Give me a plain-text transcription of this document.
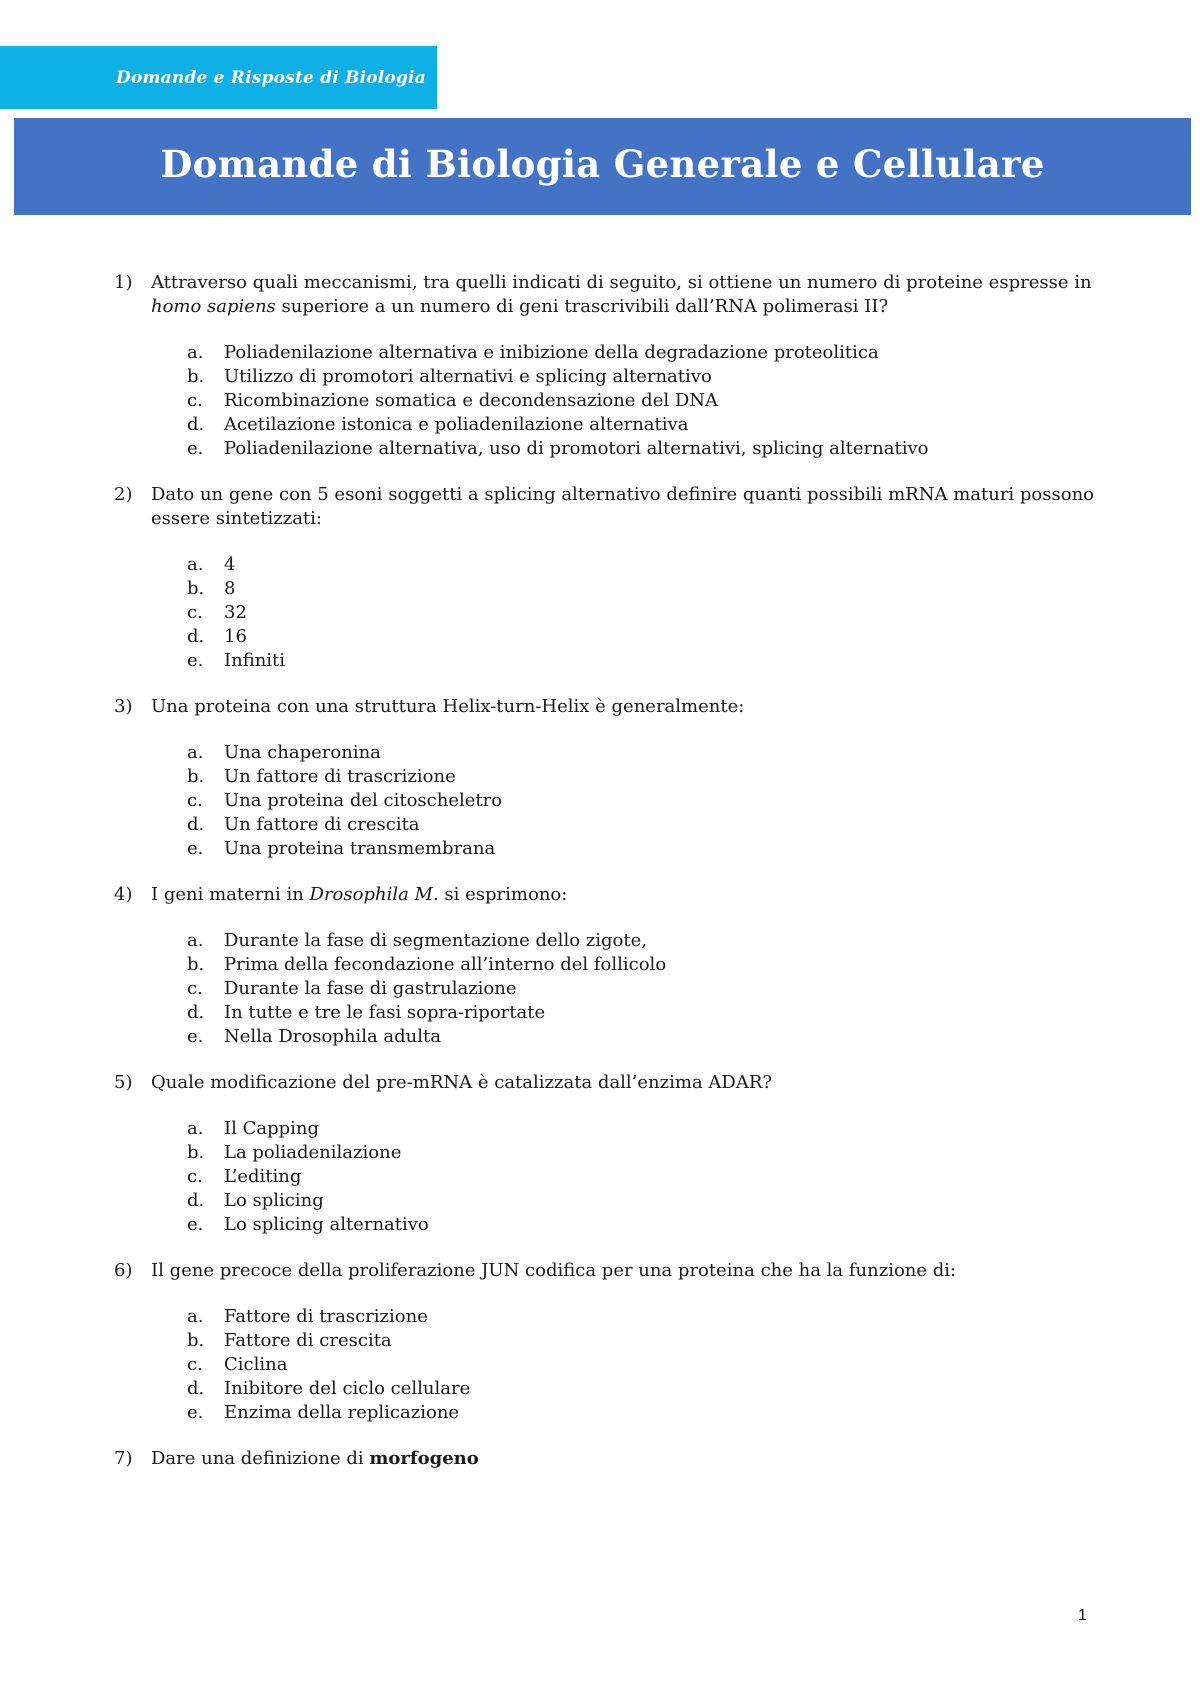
Domande e Risposte di Biologia
Domande di Biologia Generale e Cellulare
1) Attraverso quali meccanismi, tra quelli indicati di seguito, si ottiene un numero di proteine espresse in homo sapiens superiore a un numero di geni trascrivibili dall’RNA polimerasi II?
a. Poliadenilazione alternativa e inibizione della degradazione proteolitica
b. Utilizzo di promotori alternativi e splicing alternativo
c. Ricombinazione somatica e decondensazione del DNA
d. Acetilazione istonica e poliadenilazione alternativa
e. Poliadenilazione alternativa, uso di promotori alternativi, splicing alternativo
2) Dato un gene con 5 esoni soggetti a splicing alternativo definire quanti possibili mRNA maturi possono essere sintetizzati:
a. 4
b. 8
c. 32
d. 16
e. Infiniti
3) Una proteina con una struttura Helix-turn-Helix è generalmente:
a. Una chaperonina
b. Un fattore di trascrizione
c. Una proteina del citoscheletro
d. Un fattore di crescita
e. Una proteina transmembrana
4) I geni materni in Drosophila M. si esprimono:
a. Durante la fase di segmentazione dello zigote,
b. Prima della fecondazione all’interno del follicolo
c. Durante la fase di gastrulazione
d. In tutte e tre le fasi sopra-riportate
e. Nella Drosophila adulta
5) Quale modificazione del pre-mRNA è catalizzata dall’enzima ADAR?
a. Il Capping
b. La poliadenilazione
c. L’editing
d. Lo splicing
e. Lo splicing alternativo
6) Il gene precoce della proliferazione JUN codifica per una proteina che ha la funzione di:
a. Fattore di trascrizione
b. Fattore di crescita
c. Ciclina
d. Inibitore del ciclo cellulare
e. Enzima della replicazione
7) Dare una definizione di morfogeno
1
